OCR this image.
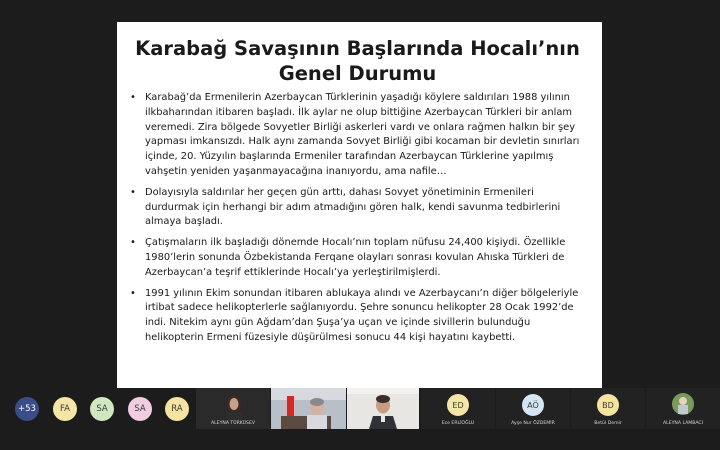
Karabağ Savaşının Başlarında Hocalı’nın
Genel Durumu
• Karabağ’da Ermenilerin Azerbaycan Türklerinin yaşadığı köylere saldırıları 1988 yılının ilkbaharından itibaren başladı. İlk aylar ne olup bittiğine Azerbaycan Türkleri bir anlam veremedi. Zira bölgede Sovyetler Birliği askerleri vardı ve onlara rağmen halkın bir şey yapması imkansızdı. Halk aynı zamanda Sovyet Birliği gibi kocaman bir devletin sınırları içinde, 20. Yüzyılın başlarında Ermeniler tarafından Azerbaycan Türklerine yapılmış vahşetin yeniden yaşanmayacağına inanıyordu, ama nafile…
• Dolayısıyla saldırılar her geçen gün arttı, dahası Sovyet yönetiminin Ermenileri durdurmak için herhangi bir adım atmadığını gören halk, kendi savunma tedbirlerini almaya başladı.
• Çatışmaların ilk başladığı dönemde Hocalı’nın toplam nüfusu 24,400 kişiydi. Özellikle 1980’lerin sonunda Özbekistanda Ferqane olayları sonrası kovulan Ahıska Türkleri de Azerbaycan’a teşrif ettiklerinde Hocalı’ya yerleştirilmişlerdi.
• 1991 yılının Ekim sonundan itibaren ablukaya alındı ve Azerbaycanı’n diğer bölgeleriyle irtibat sadece helikopterlerle sağlanıyordu. Şehre sonuncu helikopter 28 Ocak 1992’de indi. Nitekim aynı gün Ağdam’dan Şuşa’ya uçan ve içinde sivillerin bulunduğu helikopterin Ermeni füzesiyle düşürülmesi sonucu 44 kişi hayatını kaybetti.
+53	FA	SA	SA	RA
ALEYNA TÜRKÜSEV
ED
Ece ERLİOĞLU
AÖ
Ayşe Nur ÖZDEMİR
BD
Betül Demir	ALEYNA LAMBACI
